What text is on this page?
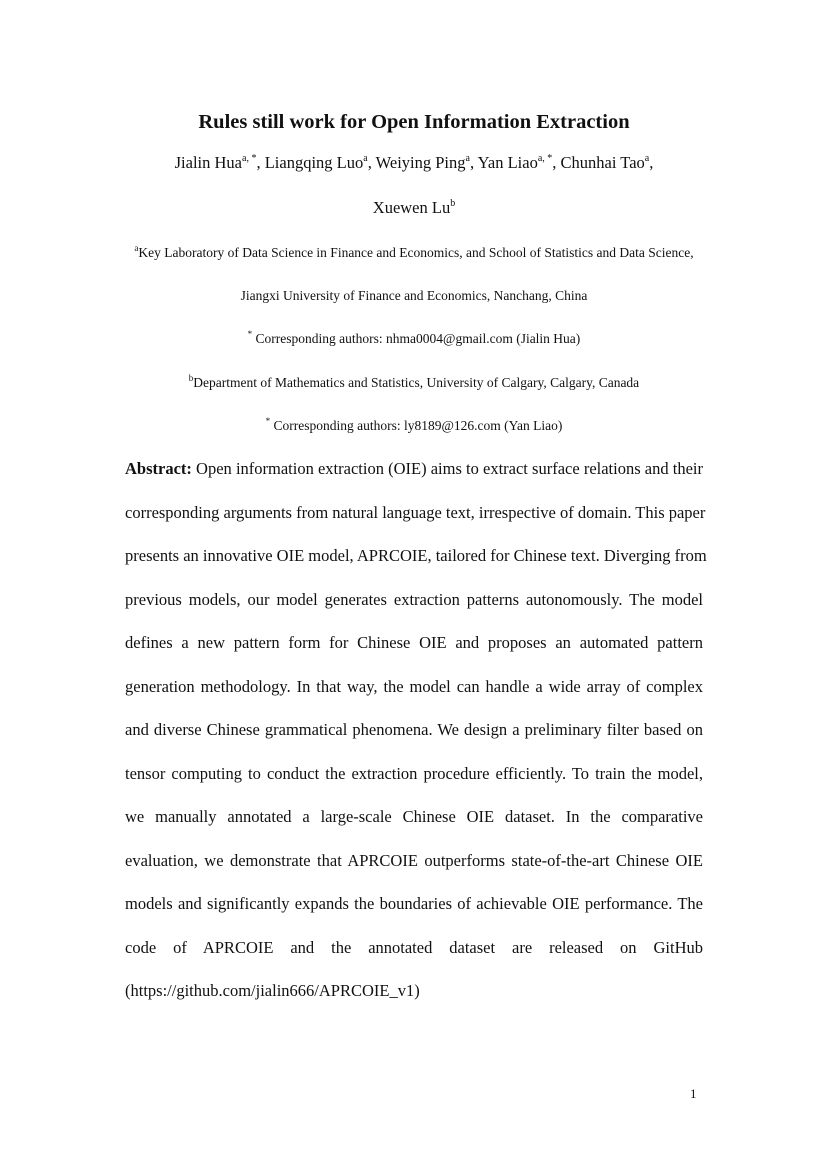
Rules still work for Open Information Extraction
Jialin Hua$^{a, *}$, Liangqing Luo$^a$, Weiying Ping$^a$, Yan Liao$^{a, *}$, Chunhai Tao$^a$,
Xuewen Lu$^b$
$^a$Key Laboratory of Data Science in Finance and Economics, and School of Statistics and Data Science,
Jiangxi University of Finance and Economics, Nanchang, China
* Corresponding authors: nhma0004@gmail.com (Jialin Hua)
$^b$Department of Mathematics and Statistics, University of Calgary, Calgary, Canada
* Corresponding authors: ly8189@126.com (Yan Liao)
Abstract: Open information extraction (OIE) aims to extract surface relations and their
corresponding arguments from natural language text, irrespective of domain. This paper
presents an innovative OIE model, APRCOIE, tailored for Chinese text. Diverging from
previous models, our model generates extraction patterns autonomously. The model
defines a new pattern form for Chinese OIE and proposes an automated pattern
generation methodology. In that way, the model can handle a wide array of complex
and diverse Chinese grammatical phenomena. We design a preliminary filter based on
tensor computing to conduct the extraction procedure efficiently. To train the model,
we manually annotated a large-scale Chinese OIE dataset. In the comparative
evaluation, we demonstrate that APRCOIE outperforms state-of-the-art Chinese OIE
models and significantly expands the boundaries of achievable OIE performance. The
code of APRCOIE and the annotated dataset are released on GitHub
(https://github.com/jialin666/APRCOIE_v1)
1
